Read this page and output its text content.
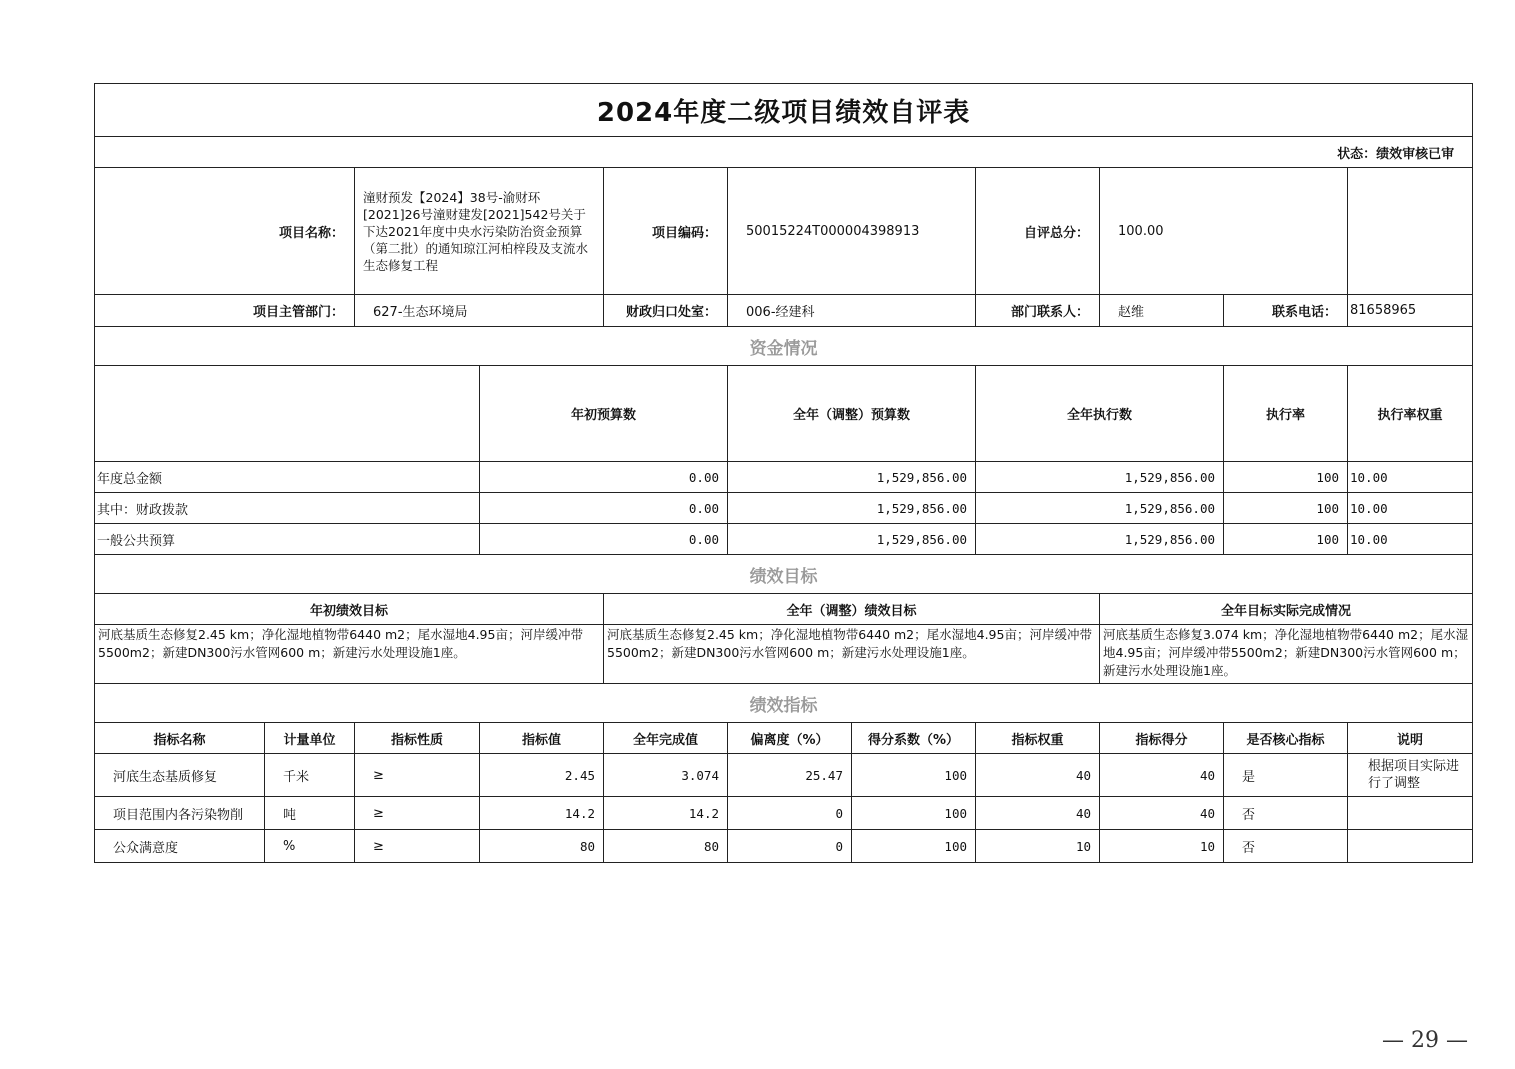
2024年度二级项目绩效自评表											
状态：绩效审核已审											
项目名称：		潼财预发【2024】38号-渝财环[2021]26号潼财建发[2021]542号关于下达2021年度中央水污染防治资金预算（第二批）的通知琼江河柏梓段及支流水生态修复工程		项目编码：	50015224T000004398913		自评总分：	100.00			
项目主管部门：		627-生态环境局		财政归口处室：	006-经建科		部门联系人：	赵维	联系电话：	81658965	
资金情况											
			年初预算数		全年（调整）预算数		全年执行数		执行率	执行率权重	
年度总金额			0.00		1,529,856.00		1,529,856.00		100	10.00	
其中：财政拨款			0.00		1,529,856.00		1,529,856.00		100	10.00	
一般公共预算			0.00		1,529,856.00		1,529,856.00		100	10.00	
绩效目标											
年初绩效目标				全年（调整）绩效目标				全年目标实际完成情况			
河底基质生态修复2.45 km；净化湿地植物带6440 m2；尾水湿地4.95亩；河岸缓冲带5500m2；新建DN300污水管网600 m；新建污水处理设施1座。				河底基质生态修复2.45 km；净化湿地植物带6440 m2；尾水湿地4.95亩；河岸缓冲带5500m2；新建DN300污水管网600 m；新建污水处理设施1座。				河底基质生态修复3.074 km；净化湿地植物带6440 m2；尾水湿地4.95亩；河岸缓冲带5500m2；新建DN300污水管网600 m；新建污水处理设施1座。			
绩效指标											
指标名称	计量单位	指标性质	指标值	全年完成值	偏离度（%）	得分系数（%）	指标权重	指标得分	是否核心指标	说明	
河底生态基质修复	千米	≥	2.45	3.074	25.47	100	40	40	是	根据项目实际进行了调整	
项目范围内各污染物削	吨	≥	14.2	14.2	0	100	40	40	否		
公众满意度	%	≥	80	80	0	100	10	10	否		
— 29 —
